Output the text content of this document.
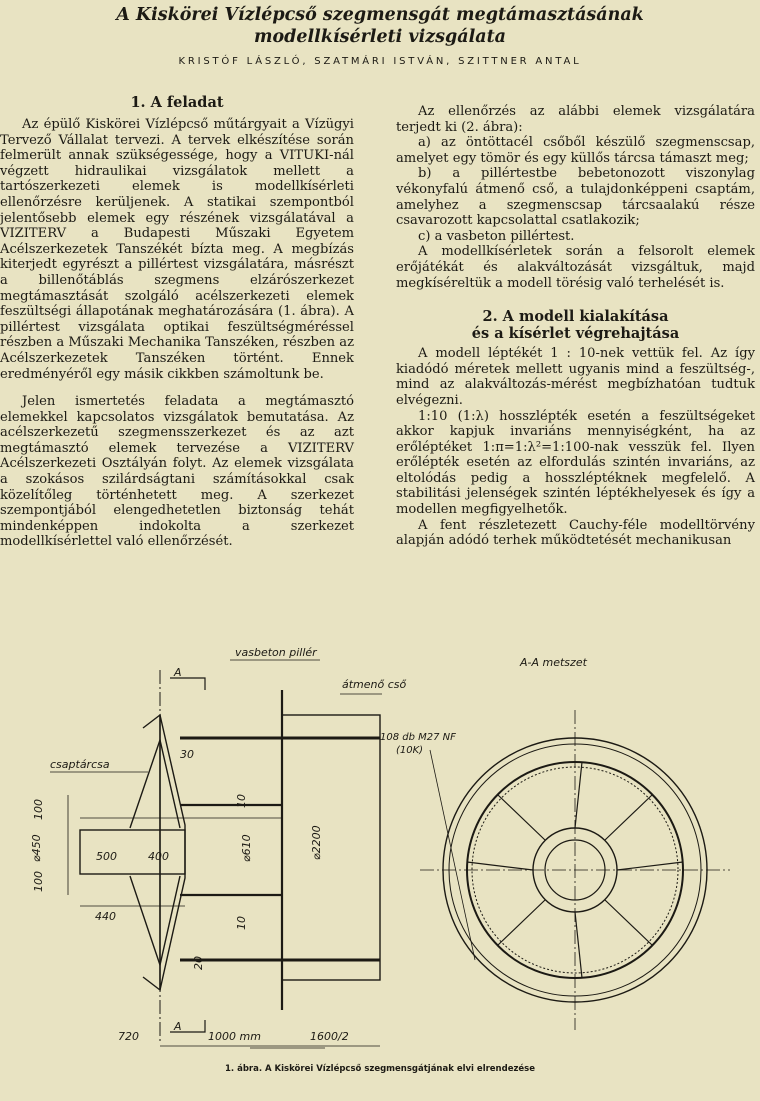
A Kiskörei Vízlépcső szegmensgát megtámasztásának
modellkísérleti vizsgálata
KRISTÓF LÁSZLÓ, SZATMÁRI ISTVÁN, SZITTNER ANTAL
1. A feladat

Az épülő Kiskörei Vízlépcső műtárgyait a Vízügyi Tervező Vállalat tervezi. A tervek elkészítése során felmerült annak szükségessége, hogy a VITUKI-nál végzett hidraulikai vizsgálatok mellett a tartószerkezeti elemek is modellkísérleti ellenőrzésre kerüljenek. A statikai szempontból jelentősebb elemek egy részének vizsgálatával a VIZITERV a Budapesti Műszaki Egyetem Acélszerkezetek Tanszékét bízta meg. A megbízás kiterjedt egyrészt a pillértest vizsgálatára, másrészt a billenőtáblás szegmens elzárószerkezet megtámasztását szolgáló acélszerkezeti elemek feszültségi állapotának meghatározására (1. ábra). A pillértest vizsgálata optikai feszültségméréssel részben a Műszaki Mechanika Tanszéken, részben az Acélszerkezetek Tanszéken történt. Ennek eredményéről egy másik cikkben számoltunk be.

Jelen ismertetés feladata a megtámasztó elemekkel kapcsolatos vizsgálatok bemutatása. Az acélszerkezetű szegmensszerkezet és az azt megtámasztó elemek tervezése a VIZITERV Acélszerkezeti Osztályán folyt. Az elemek vizsgálata a szokásos szilárdságtani számításokkal csak közelítőleg történhetett meg. A szerkezet szempontjából elengedhetetlen biztonság tehát mindenképpen indokolta a szerkezet modellkísérlettel való ellenőrzését.

Az ellenőrzés az alábbi elemek vizsgálatára terjedt ki (2. ábra):

a) az öntöttacél csőből készülő szegmenscsap, amelyet egy tömör és egy küllős tárcsa támaszt meg;

b) a pillértestbe bebetonozott viszonylag vékonyfalú átmenő cső, a tulajdonképpeni csaptám, amelyhez a szegmenscsap tárcsaalakú része csavarozott kapcsolattal csatlakozik;

c) a vasbeton pillértest.

A modellkísérletek során a felsorolt elemek erőjátékát és alakváltozását vizsgáltuk, majd megkíséreltük a modell törésig való terhelését is.

2. A modell kialakítása
és a kísérlet végrehajtása

A modell léptékét 1 : 10-nek vettük fel. Az így kiadódó méretek mellett ugyanis mind a feszültség-, mind az alakváltozás-mérést megbízhatóan tudtuk elvégezni.

1:10 (1:λ) hosszlépték esetén a feszültségeket akkor kapjuk invariáns mennyiségként, ha az erőléptéket 1:π=1:λ²=1:100-nak vesszük fel. Ilyen erőlépték esetén az elfordulás szintén invariáns, az eltolódás pedig a hosszléptéknek megfelelő. A stabilitási jelenségek szintén léptékhelyesek és így a modellen megfigyelhetők.

A fent részletezett Cauchy-féle modelltörvény alapján adódó terhek működtetését mechanikusan

vasbeton pillér
átmenő cső
csaptárcsa
A
A
A-A metszet
108 db M27 NF
(10K)
⌀450
100
100
500	400
440
30
10
10
⌀610	⌀2200
20
720	1000 mm	1600/2
1. ábra. A Kiskörei Vízlépcső szegmensgátjának elvi elrendezése
